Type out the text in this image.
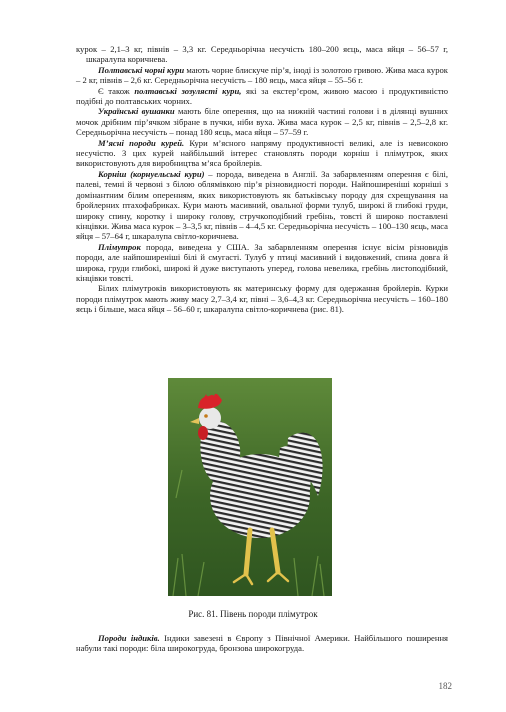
курок – 2,1–3 кг, півнів – 3,3 кг. Середньорічна несучість 180–200 яєць, маса яйця – 56–57 г, шкаралупа коричнева.

Полтавські чорні кури мають чорне блискуче пір’я, іноді із золотою гривою. Жива маса курок – 2 кг, півнів – 2,6 кг. Середньорічна несучість – 180 яєць, маса яйця – 55–56 г.

Є також полтавські зозулясті кури, які за екстер’єром, живою масою і продуктивністю подібні до полтавських чорних.

Українські вушанки мають біле оперення, що на нижній частині голови і в ділянці вушних мочок дрібним пір’ячком зібране в пучки, ніби вуха. Жива маса курок – 2,5 кг, півнів – 2,5–2,8 кг. Середньорічна несучість – понад 180 яєць, маса яйця – 57–59 г.

М’ясні породи курей. Кури м’ясного напряму продуктивності великі, але із невисокою несучістю. З цих курей найбільший інтерес становлять породи корніш і плімутрок, яких використовують для виробництва м’яса бройлерів.

Корніш (корнуельські кури) – порода, виведена в Англії. За забарвленням оперення є білі, палеві, темні й червоні з білою облямівкою пір’я різновидності породи. Найпоширеніші корніші з домінантним білим оперенням, яких використовують як батьківську породу для схрещування на бройлерних птахофабриках. Кури мають масивний, овальної форми тулуб, широкі й глибокі груди, широку спину, коротку і широку голову, стручкоподібний гребінь, товсті й широко поставлені кінцівки. Жива маса курок – 3–3,5 кг, півнів – 4–4,5 кг. Середньорічна несучість – 100–130 яєць, маса яйця – 57–64 г, шкаралупа світло-коричнева.

Плімутрок порода, виведена у США. За забарвленням оперення існує вісім різновидів породи, але найпоширеніші білі й смугасті. Тулуб у птиці масивний і видовжений, спина довга й широка, груди глибокі, широкі й дуже виступають уперед, голова невелика, гребінь листоподібний, кінцівки товсті.

Білих плімутроків використовують як материнську форму для одержання бройлерів. Курки породи плімутрок мають живу масу 2,7–3,4 кг, півні – 3,6–4,3 кг. Середньорічна несучість – 160–180 яєць і більше, маса яйця – 56–60 г, шкаралупа світло-коричнева (рис. 81).

Рис. 81. Півень породи плімутрок

Породи індиків. Індики завезені в Європу з Північної Америки. Найбільшого поширення набули такі породи: біла широкогруда, бронзова широкогруда.

182
